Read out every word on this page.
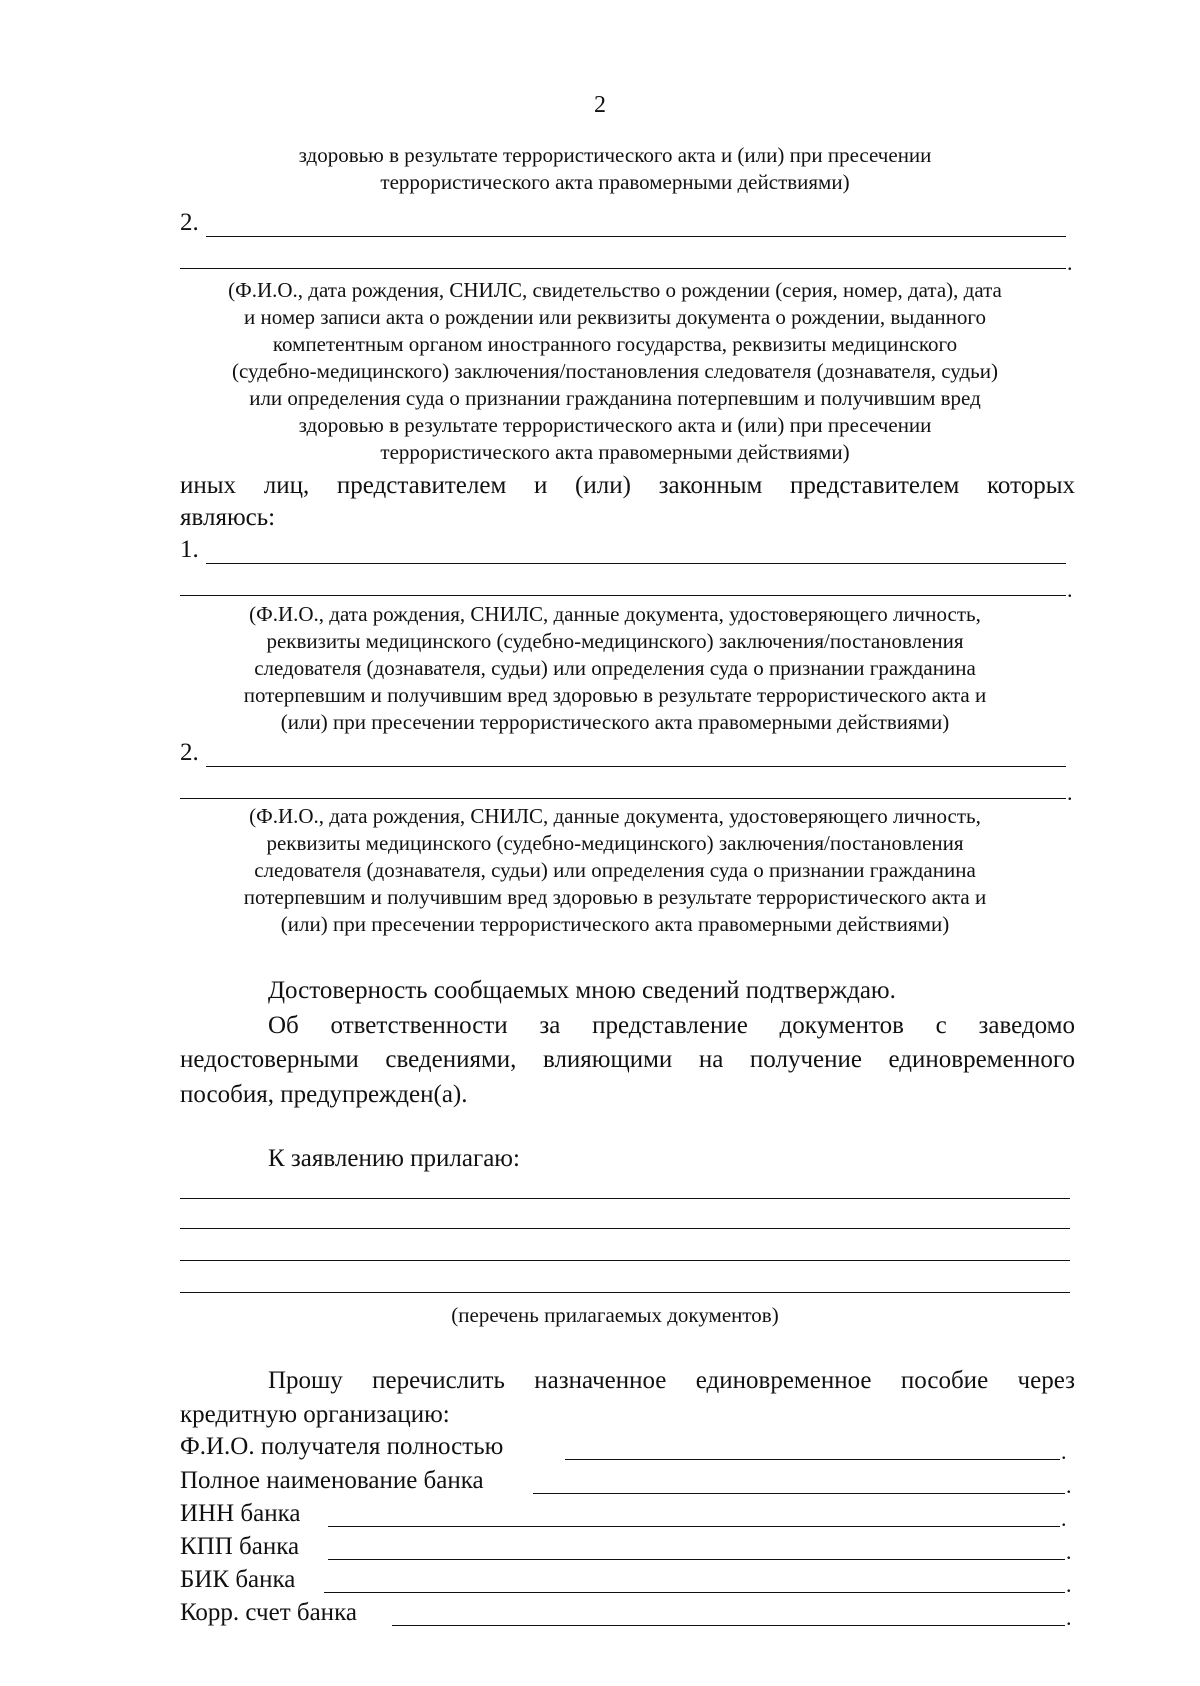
2
здоровью в результате террористического акта и (или) при пресечении
террористического акта правомерными действиями)
2.
.
(Ф.И.О., дата рождения, СНИЛС, свидетельство о рождении (серия, номер, дата), дата
и номер записи акта о рождении или реквизиты документа о рождении, выданного
компетентным органом иностранного государства, реквизиты медицинского
(судебно-медицинского) заключения/постановления следователя (дознавателя, судьи)
или определения суда о признании гражданина потерпевшим и получившим вред
здоровью в результате террористического акта и (или) при пресечении
террористического акта правомерными действиями)
иных лиц, представителем и (или) законным представителем которых
являюсь:
1.
.
(Ф.И.О., дата рождения, СНИЛС, данные документа, удостоверяющего личность,
реквизиты медицинского (судебно-медицинского) заключения/постановления
следователя (дознавателя, судьи) или определения суда о признании гражданина
потерпевшим и получившим вред здоровью в результате террористического акта и
(или) при пресечении террористического акта правомерными действиями)
2.
.
(Ф.И.О., дата рождения, СНИЛС, данные документа, удостоверяющего личность,
реквизиты медицинского (судебно-медицинского) заключения/постановления
следователя (дознавателя, судьи) или определения суда о признании гражданина
потерпевшим и получившим вред здоровью в результате террористического акта и
(или) при пресечении террористического акта правомерными действиями)
Достоверность сообщаемых мною сведений подтверждаю.
Об ответственности за представление документов с заведомо
недостоверными сведениями, влияющими на получение единовременного
пособия, предупрежден(а).
К заявлению прилагаю:
(перечень прилагаемых документов)
Прошу перечислить назначенное единовременное пособие через
кредитную организацию:
Ф.И.О. получателя полностью	.
Полное наименование банка	.
ИНН банка	.
КПП банка	.
БИК банка	.
Корр. счет банка	.
